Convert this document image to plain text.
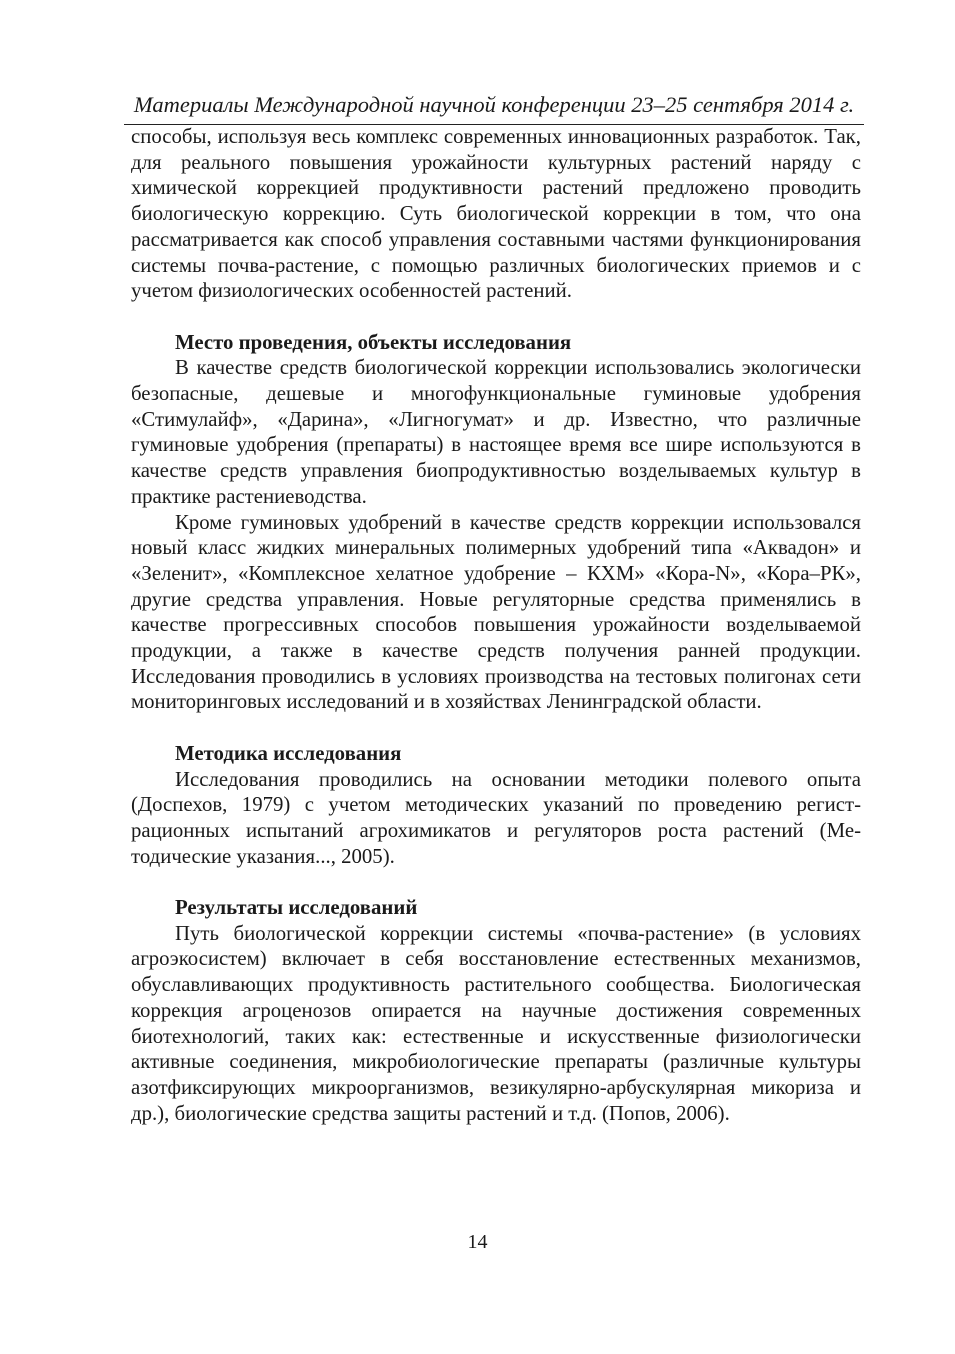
Материалы Международной научной конференции 23–25 сентября 2014 г.

способы, используя весь комплекс современных инновационных разработок. Так, для реального повышения урожайности культурных растений наряду с химической коррекцией продуктивности растений предложено проводить биологическую коррекцию. Суть биологической коррекции в том, что она рассматривается как способ управления составными частями функционирования системы почва-растение, с помощью различных биологических приемов и с учетом физиологических особенностей растений.

Место проведения, объекты исследования

В качестве средств биологической коррекции использовались экологически безопасные, дешевые и многофункциональные гуминовые удобрения «Стимулайф», «Дарина», «Лигногумат» и др. Известно, что различные гуминовые удобрения (препараты) в настоящее время все шире используются в качестве средств управления биопродуктивностью возделываемых культур в практике растениеводства.

Кроме гуминовых удобрений в качестве средств коррекции использовался новый класс жидких минеральных полимерных удобрений типа «Аквадон» и «Зеленит», «Комплексное хелатное удобрение – КХМ» «Кора-N», «Кора–РК», другие средства управления. Новые регуляторные средства применялись в качестве прогрессивных способов повышения урожайности возделываемой продукции, а также в качестве средств получения ранней продукции. Исследования проводились в условиях производства на тестовых полигонах сети мониторинговых исследований и в хозяйствах Ленинградской области.

Методика исследования

Исследования проводились на основании методики полевого опыта (Доспехов, 1979) с учетом методических указаний по проведению регистрационных испытаний агрохимикатов и регуляторов роста растений (Методические указания..., 2005).

Результаты исследований

Путь биологической коррекции системы «почва-растение» (в условиях агроэкосистем) включает в себя восстановление естественных механизмов, обуславливающих продуктивность растительного сообщества. Биологическая коррекция агроценозов опирается на научные достижения современных биотехнологий, таких как: естественные и искусственные физиологически активные соединения, микробиологические препараты (различные культуры азотфиксирующих микроорганизмов, везикулярно-арбускулярная микориза и др.), биологические средства защиты растений и т.д. (Попов, 2006).

14
